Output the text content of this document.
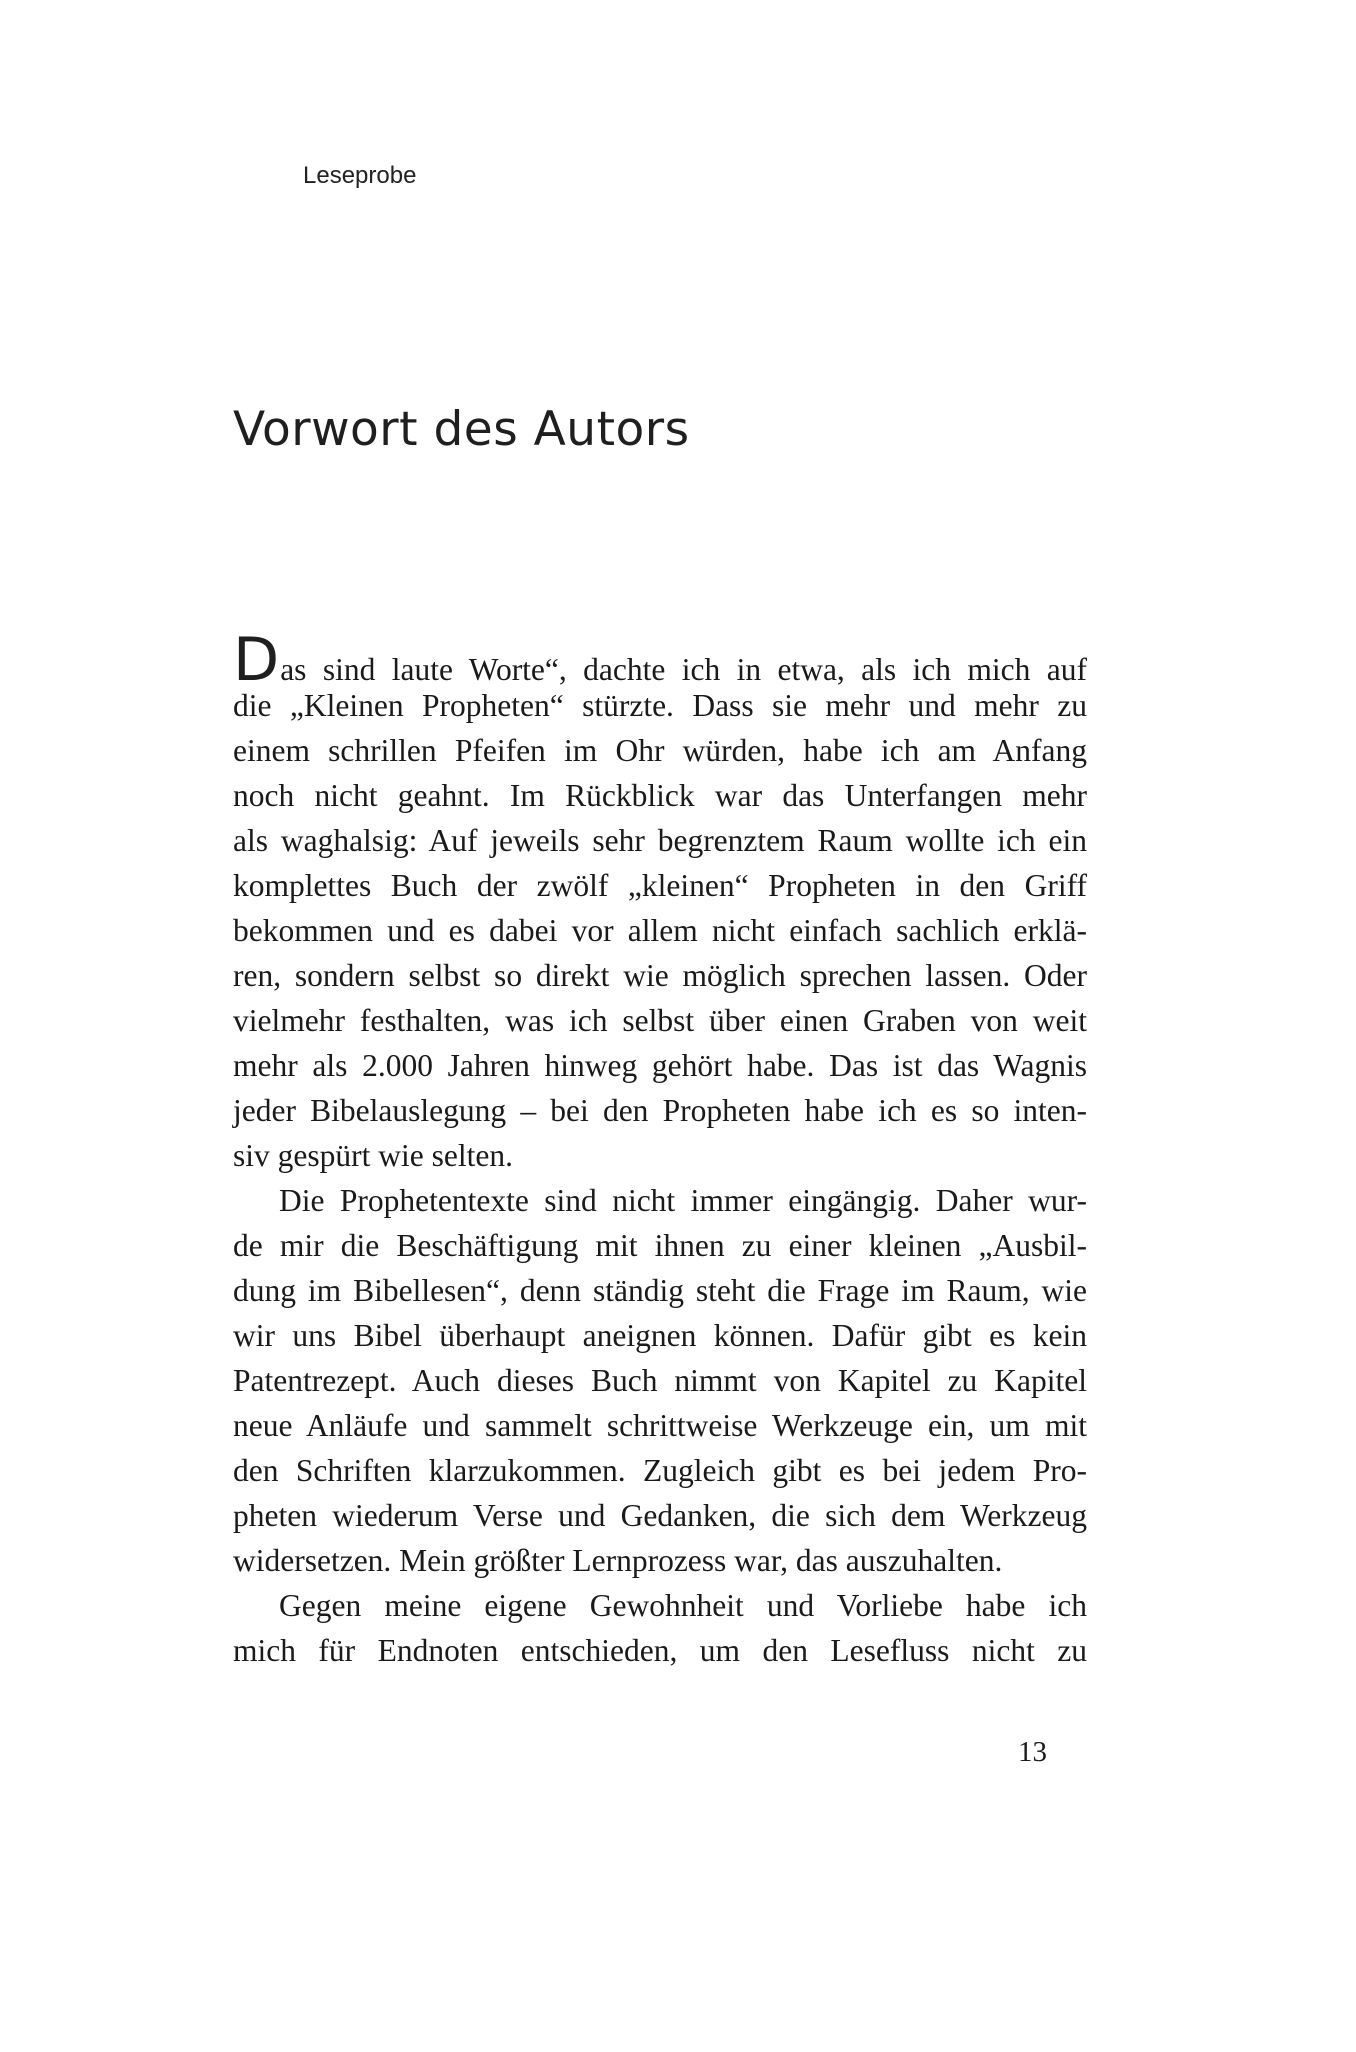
Leseprobe
Vorwort des Autors
Das sind laute Worte“, dachte ich in etwa, als ich mich auf
die „Kleinen Propheten“ stürzte. Dass sie mehr und mehr zu
einem schrillen Pfeifen im Ohr würden, habe ich am Anfang
noch nicht geahnt. Im Rückblick war das Unterfangen mehr
als waghalsig: Auf jeweils sehr begrenztem Raum wollte ich ein
komplettes Buch der zwölf „kleinen“ Propheten in den Griff
bekommen und es dabei vor allem nicht einfach sachlich erklä-
ren, sondern selbst so direkt wie möglich sprechen lassen. Oder
vielmehr festhalten, was ich selbst über einen Graben von weit
mehr als 2.000 Jahren hinweg gehört habe. Das ist das Wagnis
jeder Bibelauslegung – bei den Propheten habe ich es so inten-
siv gespürt wie selten.
Die Prophetentexte sind nicht immer eingängig. Daher wur-
de mir die Beschäftigung mit ihnen zu einer kleinen „Ausbil-
dung im Bibellesen“, denn ständig steht die Frage im Raum, wie
wir uns Bibel überhaupt aneignen können. Dafür gibt es kein
Patentrezept. Auch dieses Buch nimmt von Kapitel zu Kapitel
neue Anläufe und sammelt schrittweise Werkzeuge ein, um mit
den Schriften klarzukommen. Zugleich gibt es bei jedem Pro-
pheten wiederum Verse und Gedanken, die sich dem Werkzeug
widersetzen. Mein größter Lernprozess war, das auszuhalten.
Gegen meine eigene Gewohnheit und Vorliebe habe ich
mich für Endnoten entschieden, um den Lesefluss nicht zu
13
